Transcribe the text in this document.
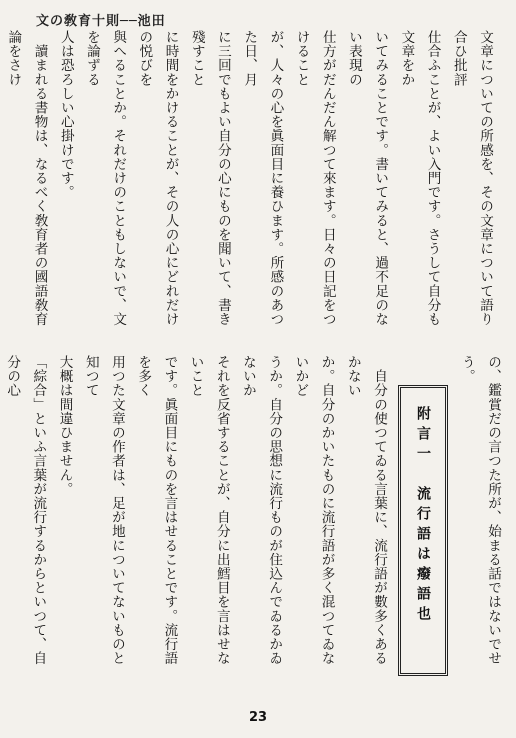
文の敎育十則──池田

文章についての所感を、その文章について語り合ひ批評

仕合ふことが、よい入門です。さうして自分も文章をか

いてみることです。書いてみると、過不足のない表現の

仕方がだんだん解つて來ます。日々の日記をつけること

が、人々の心を眞面目に養ひます。所感のあつた日、月

に三回でもよい自分の心にものを聞いて、書き殘すこと

に時間をかけることが、その人の心にどれだけの悦びを

與へることか。それだけのこともしないで、文を論ずる

人は恐ろしい心掛けです。

　讀まれる書物は、なるべく敎育者の國語敎育論をさけ

の、鑑賞だの言つた所が、始まる話ではないでせう。

附言一　流行語は癈語也

　自分の使つてゐる言葉に、流行語が數多くあるかない

か。自分のかいたものに流行語が多く混つてゐないかど

うか。自分の思想に流行ものが住込んでゐるかゐないか

それを反省することが、自分に出鱈目を言はせないこと

です。眞面目にものを言はせることです。流行語を多く

用つた文章の作者は、足が地についてないものと知つて

大概は間違ひません。

「綜合」といふ言葉が流行するからといつて、自分の心

23
